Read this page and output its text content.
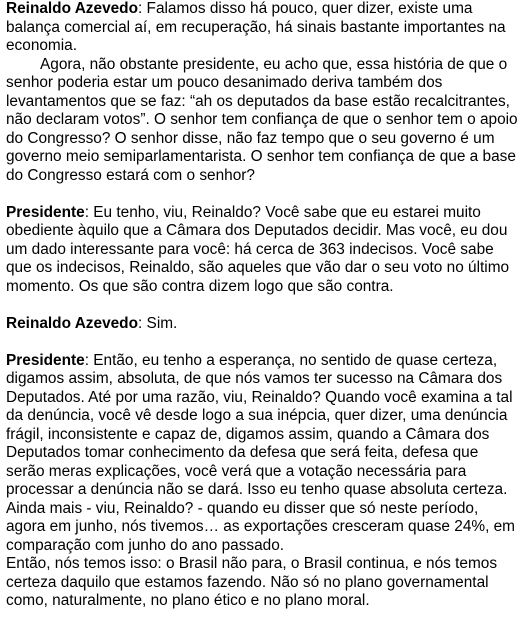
Reinaldo Azevedo: Falamos disso há pouco, quer dizer, existe uma balança comercial aí, em recuperação, há sinais bastante importantes na economia.

Agora, não obstante presidente, eu acho que, essa história de que o senhor poderia estar um pouco desanimado deriva também dos levantamentos que se faz: “ah os deputados da base estão recalcitrantes, não declaram votos”. O senhor tem confiança de que o senhor tem o apoio do Congresso? O senhor disse, não faz tempo que o seu governo é um governo meio semiparlamentarista. O senhor tem confiança de que a base do Congresso estará com o senhor?

Presidente: Eu tenho, viu, Reinaldo? Você sabe que eu estarei muito obediente àquilo que a Câmara dos Deputados decidir. Mas você, eu dou um dado interessante para você: há cerca de 363 indecisos. Você sabe que os indecisos, Reinaldo, são aqueles que vão dar o seu voto no último momento. Os que são contra dizem logo que são contra.

Reinaldo Azevedo: Sim.

Presidente: Então, eu tenho a esperança, no sentido de quase certeza, digamos assim, absoluta, de que nós vamos ter sucesso na Câmara dos Deputados. Até por uma razão, viu, Reinaldo? Quando você examina a tal da denúncia, você vê desde logo a sua inépcia, quer dizer, uma denúncia frágil, inconsistente e capaz de, digamos assim, quando a Câmara dos Deputados tomar conhecimento da defesa que será feita, defesa que serão meras explicações, você verá que a votação necessária para processar a denúncia não se dará. Isso eu tenho quase absoluta certeza. Ainda mais - viu, Reinaldo? - quando eu disser que só neste período, agora em junho, nós tivemos… as exportações cresceram quase 24%, em comparação com junho do ano passado.

Então, nós temos isso: o Brasil não para, o Brasil continua, e nós temos certeza daquilo que estamos fazendo. Não só no plano governamental como, naturalmente, no plano ético e no plano moral.
